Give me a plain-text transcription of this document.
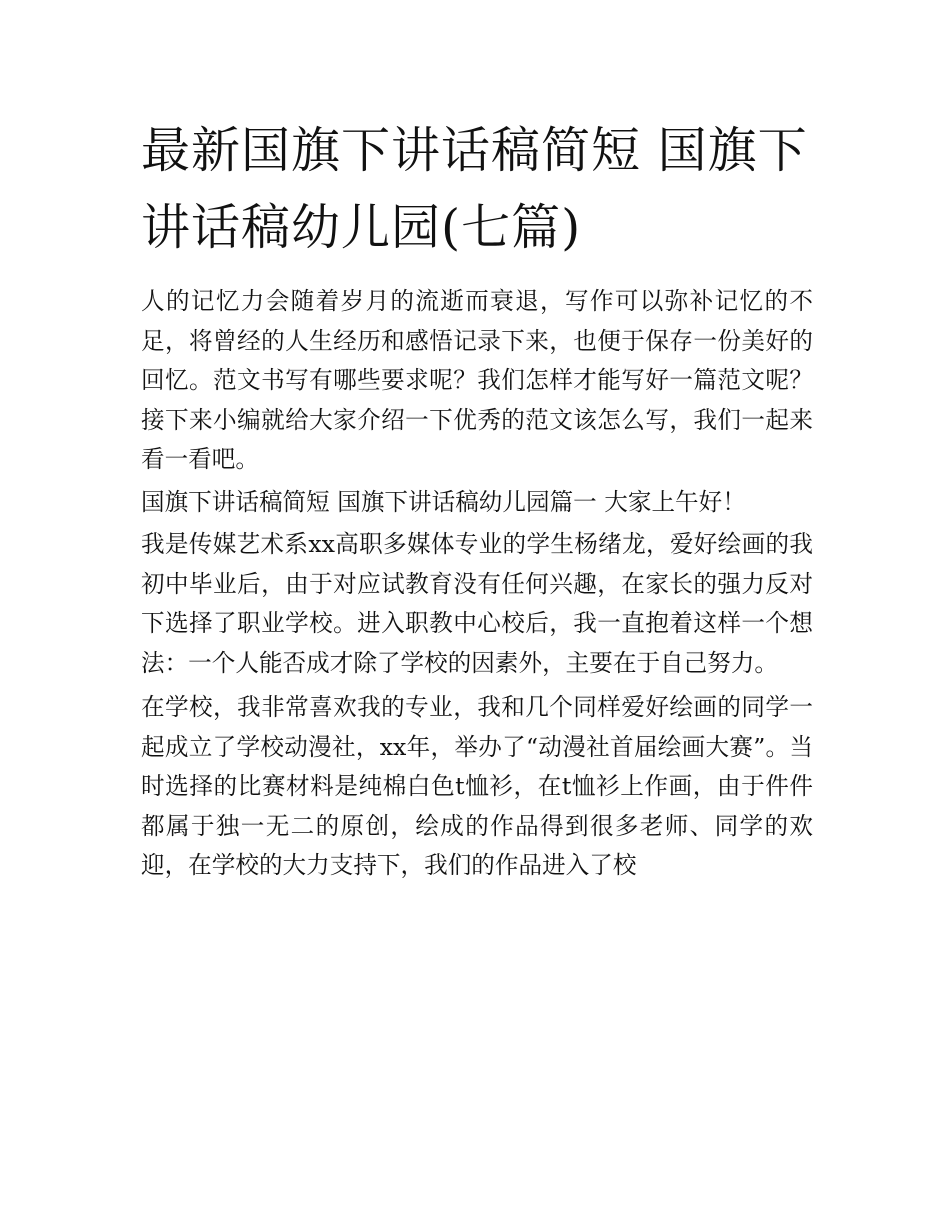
最新国旗下讲话稿简短 国旗下讲话稿幼儿园(七篇)

人的记忆力会随着岁月的流逝而衰退，写作可以弥补记忆的不足，将曾经的人生经历和感悟记录下来，也便于保存一份美好的回忆。范文书写有哪些要求呢？我们怎样才能写好一篇范文呢？接下来小编就给大家介绍一下优秀的范文该怎么写，我们一起来看一看吧。

国旗下讲话稿简短 国旗下讲话稿幼儿园篇一 大家上午好！

我是传媒艺术系xx高职多媒体专业的学生杨绪龙，爱好绘画的我初中毕业后，由于对应试教育没有任何兴趣，在家长的强力反对下选择了职业学校。进入职教中心校后，我一直抱着这样一个想法：一个人能否成才除了学校的因素外，主要在于自己努力。

在学校，我非常喜欢我的专业，我和几个同样爱好绘画的同学一起成立了学校动漫社，xx年，举办了“动漫社首届绘画大赛”。当时选择的比赛材料是纯棉白色t恤衫，在t恤衫上作画，由于件件都属于独一无二的原创，绘成的作品得到很多老师、同学的欢迎，在学校的大力支持下，我们的作品进入了校
